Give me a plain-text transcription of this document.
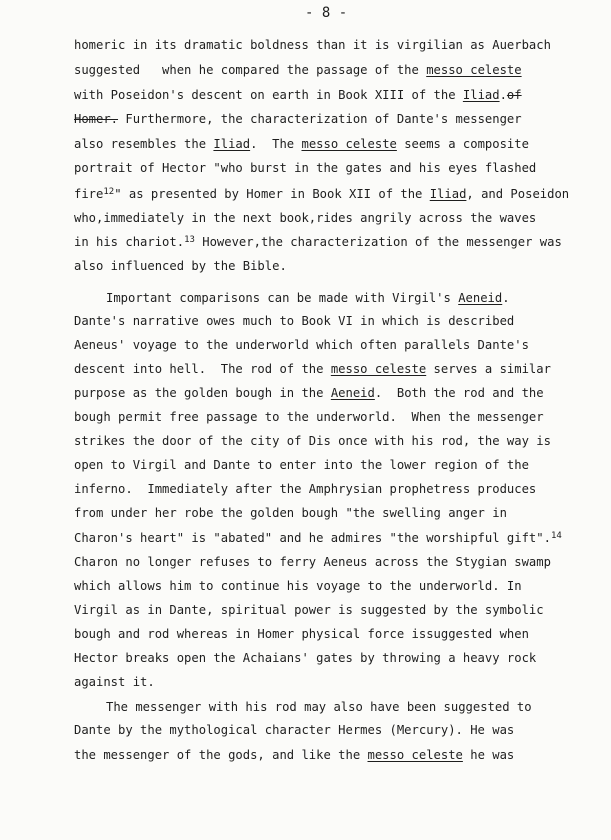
- 8 -
homeric in its dramatic boldness than it is virgilian as Auerbach
suggested   when he compared the passage of the messo celeste
with Poseidon's descent on earth in Book XIII of the Iliad.of
Homer. Furthermore, the characterization of Dante's messenger
also resembles the Iliad.  The messo celeste seems a composite
portrait of Hector "who burst in the gates and his eyes flashed
fire$^{12}$" as presented by Homer in Book XII of the Iliad, and Poseidon
who,immediately in the next book,rides angrily across the waves
in his chariot.$^{13}$ However,the characterization of the messenger was
also influenced by the Bible.
Important comparisons can be made with Virgil's Aeneid.
Dante's narrative owes much to Book VI in which is described
Aeneus' voyage to the underworld which often parallels Dante's
descent into hell.  The rod of the messo celeste serves a similar
purpose as the golden bough in the Aeneid.  Both the rod and the
bough permit free passage to the underworld.  When the messenger
strikes the door of the city of Dis once with his rod, the way is
open to Virgil and Dante to enter into the lower region of the
inferno.  Immediately after the Amphrysian prophetress produces
from under her robe the golden bough "the swelling anger in
Charon's heart" is "abated" and he admires "the worshipful gift".$^{14}$
Charon no longer refuses to ferry Aeneus across the Stygian swamp
which allows him to continue his voyage to the underworld. In
Virgil as in Dante, spiritual power is suggested by the symbolic
bough and rod whereas in Homer physical force issuggested when
Hector breaks open the Achaians' gates by throwing a heavy rock
against it.
The messenger with his rod may also have been suggested to
Dante by the mythological character Hermes (Mercury). He was
the messenger of the gods, and like the messo celeste he was
